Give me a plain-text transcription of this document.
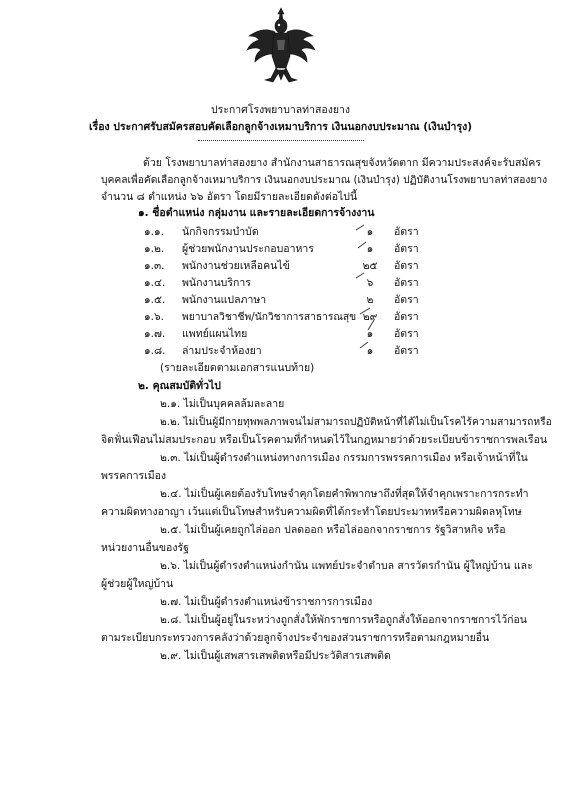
ประกาศโรงพยาบาลท่าสองยาง
เรื่อง ประกาศรับสมัครสอบคัดเลือกลูกจ้างเหมาบริการ เงินนอกงบประมาณ (เงินบำรุง)
ด้วย โรงพยาบาลท่าสองยาง สำนักงานสาธารณสุขจังหวัดตาก มีความประสงค์จะรับสมัคร
บุคคลเพื่อคัดเลือกลูกจ้างเหมาบริการ เงินนอกงบประมาณ (เงินบำรุง) ปฏิบัติงานโรงพยาบาลท่าสองยาง
จำนวน ๘ ตำแหน่ง ๖๖ อัตรา โดยมีรายละเอียดดังต่อไปนี้
๑. ชื่อตำแหน่ง กลุ่มงาน และรายละเอียดการจ้างงาน
๑.๑. นักกิจกรรมบำบัด	๑	อัตรา
๑.๒. ผู้ช่วยพนักงานประกอบอาหาร	๑	อัตรา
๑.๓. พนักงานช่วยเหลือคนไข้	๒๕ อัตรา
๑.๔. พนักงานบริการ	๖	อัตรา
๑.๕. พนักงานแปลภาษา	๒	อัตรา
๑.๖. พยาบาลวิชาชีพ/นักวิชาการสาธารณสุข ๒๙ อัตรา
๑.๗. แพทย์แผนไทย	๑	อัตรา
๑.๘. ล่ามประจำห้องยา	๑	อัตรา
(รายละเอียดตามเอกสารแนบท้าย)
๒. คุณสมบัติทั่วไป
๒.๑. ไม่เป็นบุคคลล้มละลาย
๒.๒. ไม่เป็นผู้มีกายทุพพลภาพจนไม่สามารถปฏิบัติหน้าที่ได้ไม่เป็นโรคไร้ความสามารถหรือ
จิตฟั่นเฟือนไม่สมประกอบ หรือเป็นโรคตามที่กำหนดไว้ในกฎหมายว่าด้วยระเบียบข้าราชการพลเรือน
๒.๓. ไม่เป็นผู้ดำรงตำแหน่งทางการเมือง กรรมการพรรคการเมือง หรือเจ้าหน้าที่ใน
พรรคการเมือง
๒.๔. ไม่เป็นผู้เคยต้องรับโทษจำคุกโดยคำพิพากษาถึงที่สุดให้จำคุกเพราะการกระทำ
ความผิดทางอาญา เว้นแต่เป็นโทษสำหรับความผิดที่ได้กระทำโดยประมาทหรือความผิดลหุโทษ
๒.๕. ไม่เป็นผู้เคยถูกไล่ออก ปลดออก หรือไล่ออกจากราชการ รัฐวิสาหกิจ หรือ
หน่วยงานอื่นของรัฐ
๒.๖. ไม่เป็นผู้ดำรงตำแหน่งกำนัน แพทย์ประจำตำบล สารวัตรกำนัน ผู้ใหญ่บ้าน และ
ผู้ช่วยผู้ใหญ่บ้าน
๒.๗. ไม่เป็นผู้ดำรงตำแหน่งข้าราชการการเมือง
๒.๘. ไม่เป็นผู้อยู่ในระหว่างถูกสั่งให้พักราชการหรือถูกสั่งให้ออกจากราชการไว้ก่อน
ตามระเบียบกระทรวงการคลังว่าด้วยลูกจ้างประจำของส่วนราชการหรือตามกฎหมายอื่น
๒.๙. ไม่เป็นผู้เสพสารเสพติดหรือมีประวัติสารเสพติด
